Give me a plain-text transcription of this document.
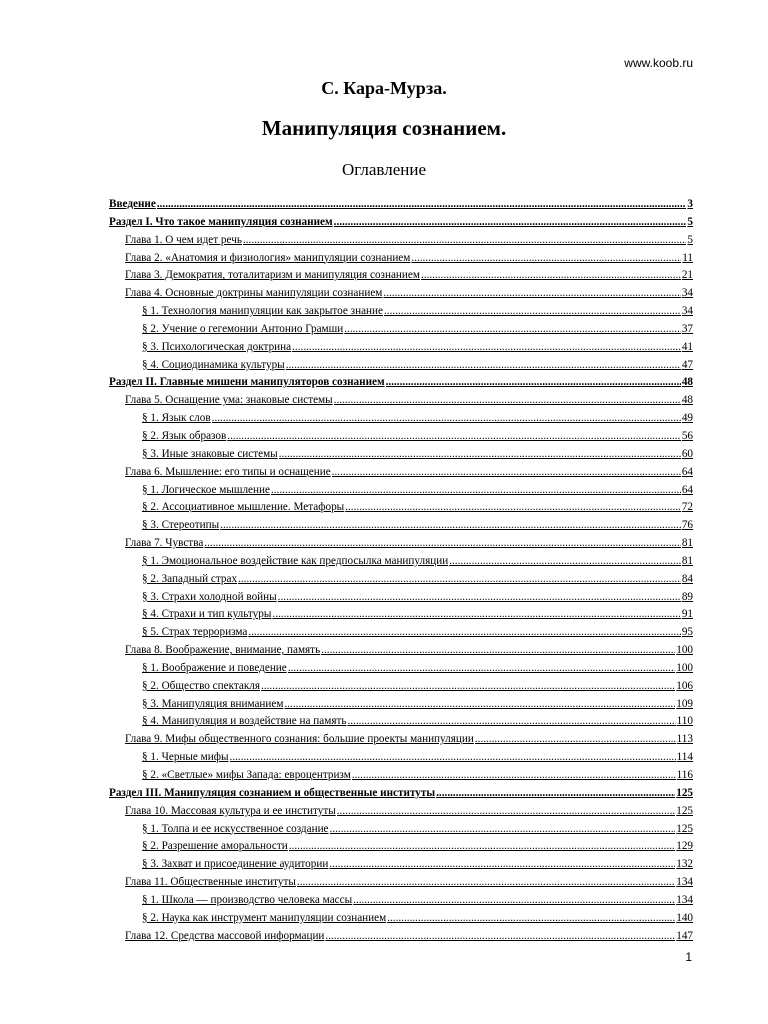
www.koob.ru
С. Кара-Мурза.
Манипуляция сознанием.
Оглавление
Введение .....	3
Раздел I. Что такое манипуляция сознанием .....	5
Глава 1. О чем идет речь .....	5
Глава 2. «Анатомия и физиология» манипуляции сознанием .....	11
Глава 3. Демократия, тоталитаризм и манипуляция сознанием .....	21
Глава 4. Основные доктрины манипуляции сознанием .....	34
§ 1. Технология манипуляции как закрытое знание .....	34
§ 2. Учение о гегемонии Антонио Грамши .....	37
§ 3. Психологическая доктрина .....	41
§ 4. Социодинамика культуры .....	47
Раздел II. Главные мишени манипуляторов сознанием .....	48
Глава 5. Оснащение ума: знаковые системы .....	48
§ 1. Язык слов .....	49
§ 2. Язык образов .....	56
§ 3. Иные знаковые системы .....	60
Глава 6. Мышление: его типы и оснащение .....	64
§ 1. Логическое мышление .....	64
§ 2. Ассоциативное мышление. Метафоры .....	72
§ 3. Стереотипы .....	76
Глава 7. Чувства .....	81
§ 1. Эмоциональное воздействие как предпосылка манипуляции .....	81
§ 2. Западный страх .....	84
§ 3. Страхи холодной войны .....	89
§ 4. Страхи и тип культуры .....	91
§ 5. Страх терроризма .....	95
Глава 8. Воображение, внимание, память .....	100
§ 1. Воображение и поведение .....	100
§ 2. Общество спектакля .....	106
§ 3. Манипуляция вниманием .....	109
§ 4. Манипуляция и воздействие на память .....	110
Глава 9. Мифы общественного сознания: большие проекты манипуляции .....	113
§ 1. Черные мифы .....	114
§ 2. «Светлые» мифы Запада: евроцентризм .....	116
Раздел III. Манипуляция сознанием и общественные институты .....	125
Глава 10. Массовая культура и ее институты .....	125
§ 1. Толпа и ее искусственное создание .....	125
§ 2. Разрешение аморальности .....	129
§ 3. Захват и присоединение аудитории .....	132
Глава 11. Общественные институты .....	134
§ 1. Школа — производство человека массы .....	134
§ 2. Наука как инструмент манипуляции сознанием .....	140
Глава 12. Средства массовой информации .....	147
1
